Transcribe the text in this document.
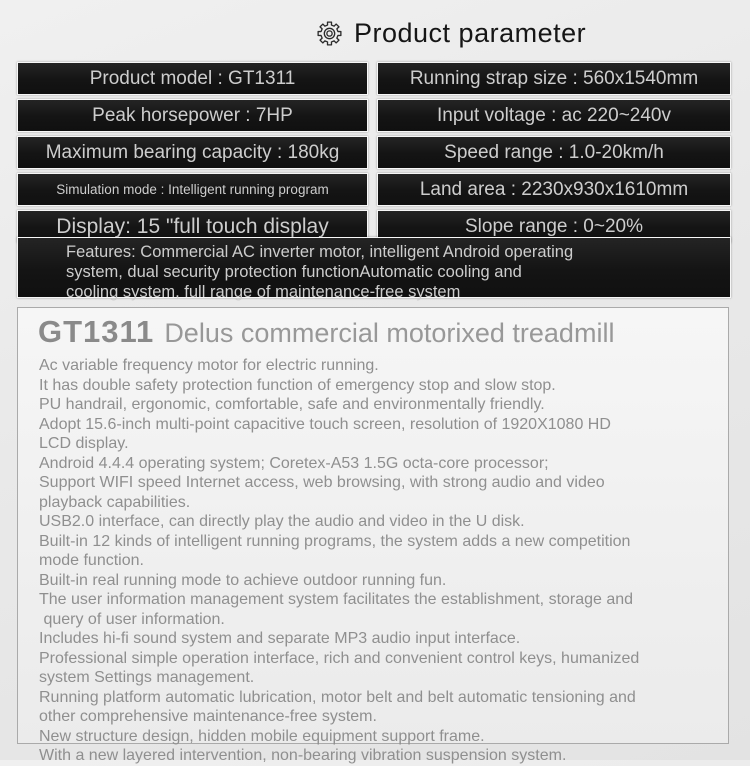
Product parameter
Product model : GT1311
Peak horsepower : 7HP
Maximum bearing capacity : 180kg
Simulation mode : Intelligent running program
Display: 15 "full touch display
Running strap size : 560x1540mm
Input voltage : ac 220~240v
Speed range : 1.0-20km/h
Land area : 2230x930x1610mm
Slope range : 0~20%
Features: Commercial AC inverter motor, intelligent Android operating
system, dual security protection functionAutomatic cooling and
cooling system, full range of maintenance-free system
GT1311 Delus commercial motorixed treadmill
Ac variable frequency motor for electric running.
It has double safety protection function of emergency stop and slow stop.
PU handrail, ergonomic, comfortable, safe and environmentally friendly.
Adopt 15.6-inch multi-point capacitive touch screen, resolution of 1920X1080 HD
LCD display.
Android 4.4.4 operating system; Coretex-A53 1.5G octa-core processor;
Support WIFI speed Internet access, web browsing, with strong audio and video
playback capabilities.
USB2.0 interface, can directly play the audio and video in the U disk.
Built-in 12 kinds of intelligent running programs, the system adds a new competition
mode function.
Built-in real running mode to achieve outdoor running fun.
The user information management system facilitates the establishment, storage and
query of user information.
Includes hi-fi sound system and separate MP3 audio input interface.
Professional simple operation interface, rich and convenient control keys, humanized
system Settings management.
Running platform automatic lubrication, motor belt and belt automatic tensioning and
other comprehensive maintenance-free system.
New structure design, hidden mobile equipment support frame.
With a new layered intervention, non-bearing vibration suspension system.
